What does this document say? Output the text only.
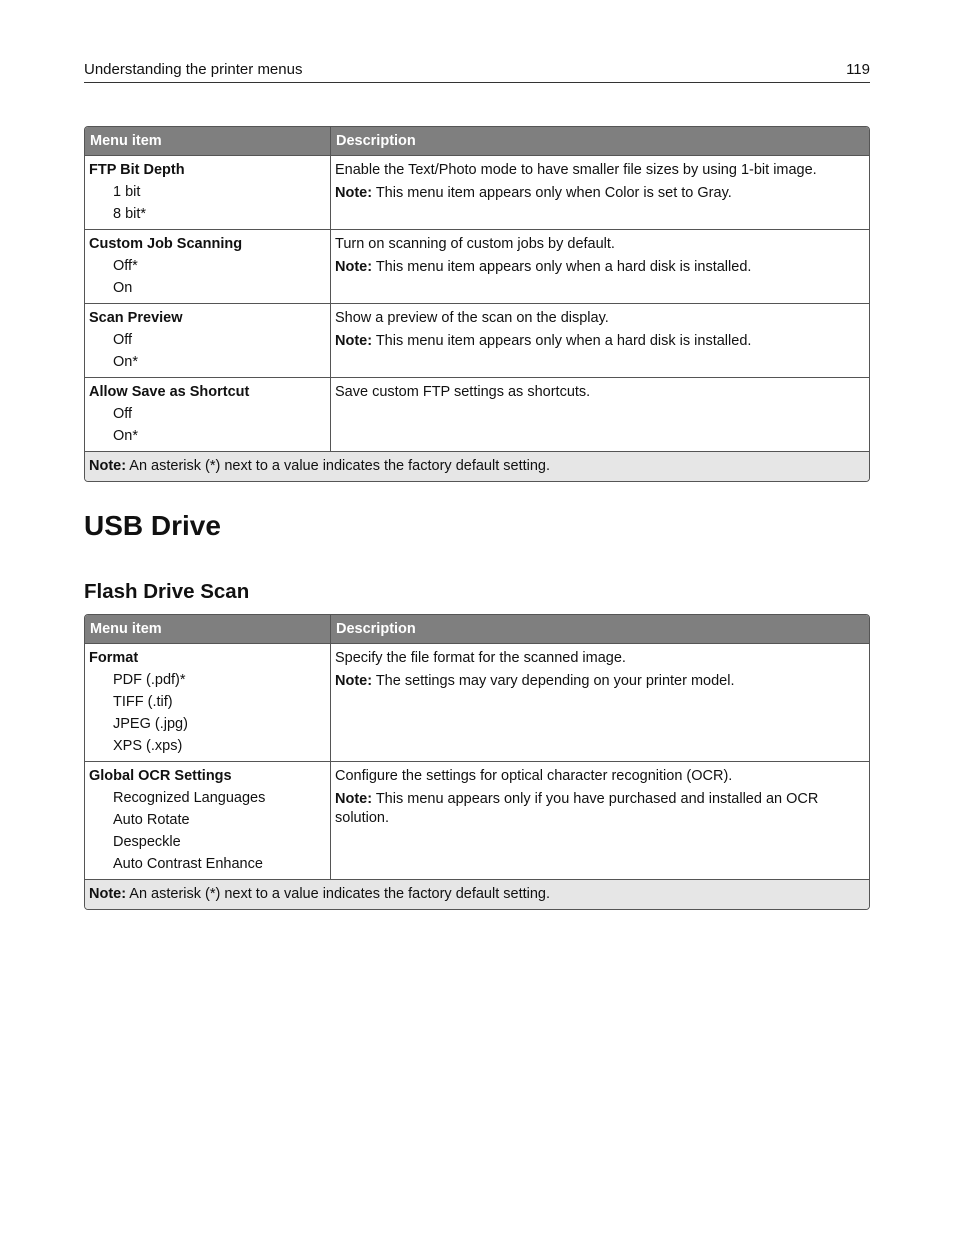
Understanding the printer menus	119
Menu item	Description

FTP Bit Depth
1 bit
8 bit*	Enable the Text/Photo mode to have smaller file sizes by using 1-bit image.
Note: This menu item appears only when Color is set to Gray.

Custom Job Scanning
Off*
On	Turn on scanning of custom jobs by default.
Note: This menu item appears only when a hard disk is installed.

Scan Preview
Off
On*	Show a preview of the scan on the display.
Note: This menu item appears only when a hard disk is installed.

Allow Save as Shortcut
Off
On*	Save custom FTP settings as shortcuts.

Note: An asterisk (*) next to a value indicates the factory default setting.	
USB Drive
Flash Drive Scan
Menu item	Description

Format
PDF (.pdf)*
TIFF (.tif)
JPEG (.jpg)
XPS (.xps)	Specify the file format for the scanned image.
Note: The settings may vary depending on your printer model.

Global OCR Settings
Recognized Languages
Auto Rotate
Despeckle
Auto Contrast Enhance	Configure the settings for optical character recognition (OCR).
Note: This menu appears only if you have purchased and installed an OCR solution.

Note: An asterisk (*) next to a value indicates the factory default setting.	
